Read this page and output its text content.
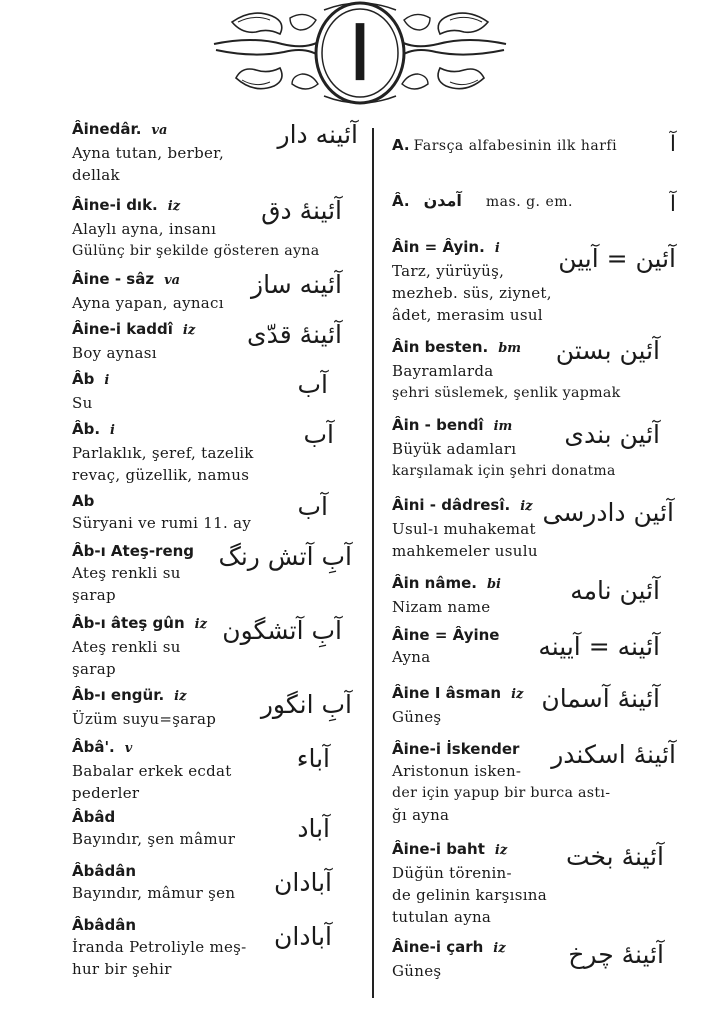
ا
Âinedâr. va	آئینه دار
Ayna tutan, berber,
dellak
Âine-i dık. iz	آئینهٔ دق
Alaylı ayna, insanı
Gülünç bir şekilde gösteren ayna
Âine - sâz va	آئینه ساز
Ayna yapan, aynacı
Âine-i kaddî iz	آئینهٔ قدّی
Boy aynası
Âb i	آب
Su
Âb. i	آب
Parlaklık, şeref, tazelik
revaç, güzellik, namus
Ab	آب
Süryani ve rumi 11. ay
Âb-ı Ateş-reng آبِ آتش رنگ
Ateş renkli su
şarap
Âb-ı âteş gûn iz آبِ آتشگون
Ateş renkli su
şarap
Âb-ı engür. iz	آبِ انگور
Üzüm suyu=şarap
Âbâ'. v	آباء
Babalar erkek ecdat
pederler
Âbâd	آباد
Bayındır, şen mâmur
Âbâdân	آبادان
Bayındır, mâmur şen
Âbâdân	آبادان
İranda Petroliyle meş-
hur bir şehir
A. Farsça alfabesinin ilk harfi	آ
Â. آمدن mas. g. em.	آ
Âin = Âyin. i	آئین = آیین
Tarz, yürüyüş,
mezheb. süs, ziynet,
âdet, merasim usul
Âin besten. bm	آئین بستن
Bayramlarda
şehri süslemek, şenlik yapmak
Âin - bendî im	آئین بندی
Büyük adamları
karşılamak için şehri donatma
Âini - dâdresî. iz آئین دادرسی
Usul-ı muhakemat
mahkemeler usulu
Âin nâme. bi	آئین نامه
Nizam name
Âine = Âyine	آئینه = آیینه
Ayna
Âine I âsman iz آئینهٔ آسمان
Güneş
Âine-i İskender	آئینهٔ اسکندر
Aristonun isken-
der için yapup bir burca astı-
ğı ayna
Âine-i baht iz	آئینهٔ بخت
Düğün törenin-
de gelinin karşısına
tutulan ayna
Âine-i çarh iz	آئینهٔ چرخ
Güneş
